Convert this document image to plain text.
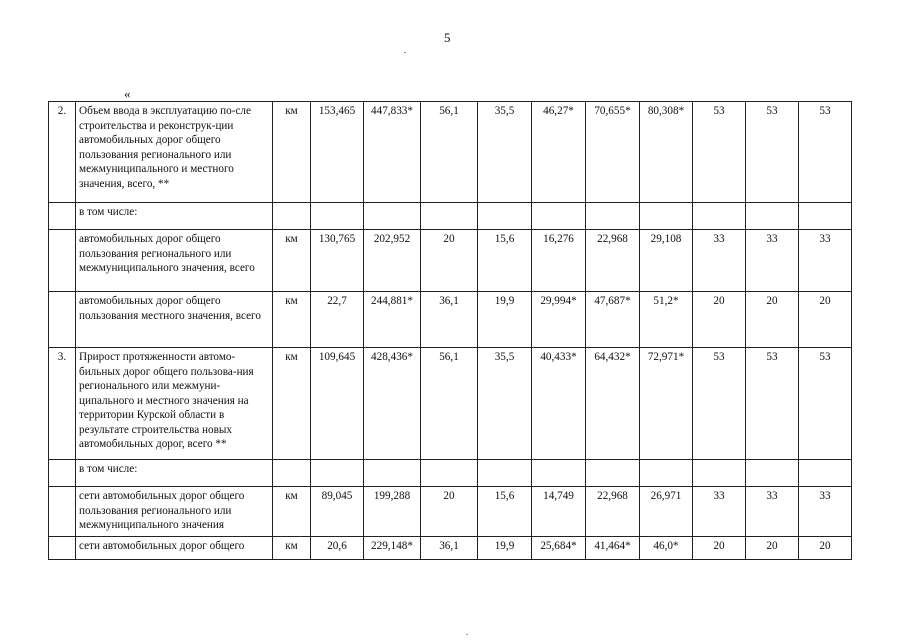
5
«
2.	Объем ввода в эксплуатацию по-сле строительства и реконструк-ции автомобильных дорог общего пользования регионального или межмуниципального и местного значения, всего, **	км	153,465	447,833*	56,1	35,5	46,27*	70,655*	80,308*	53	53	53
	в том числе:											
	автомобильных дорог общего пользования регионального или межмуниципального значения, всего	км	130,765	202,952	20	15,6	16,276	22,968	29,108	33	33	33
	автомобильных дорог общего пользования местного значения, всего	км	22,7	244,881*	36,1	19,9	29,994*	47,687*	51,2*	20	20	20
3.	Прирост протяженности автомо-бильных дорог общего пользова-ния регионального или межмуни-ципального и местного значения на территории Курской области в результате строительства новых автомобильных дорог, всего **	км	109,645	428,436*	56,1	35,5	40,433*	64,432*	72,971*	53	53	53
	в том числе:											
	сети автомобильных дорог общего пользования регионального или межмуниципального значения	км	89,045	199,288	20	15,6	14,749	22,968	26,971	33	33	33
	сети автомобильных дорог общего	км	20,6	229,148*	36,1	19,9	25,684*	41,464*	46,0*	20	20	20
